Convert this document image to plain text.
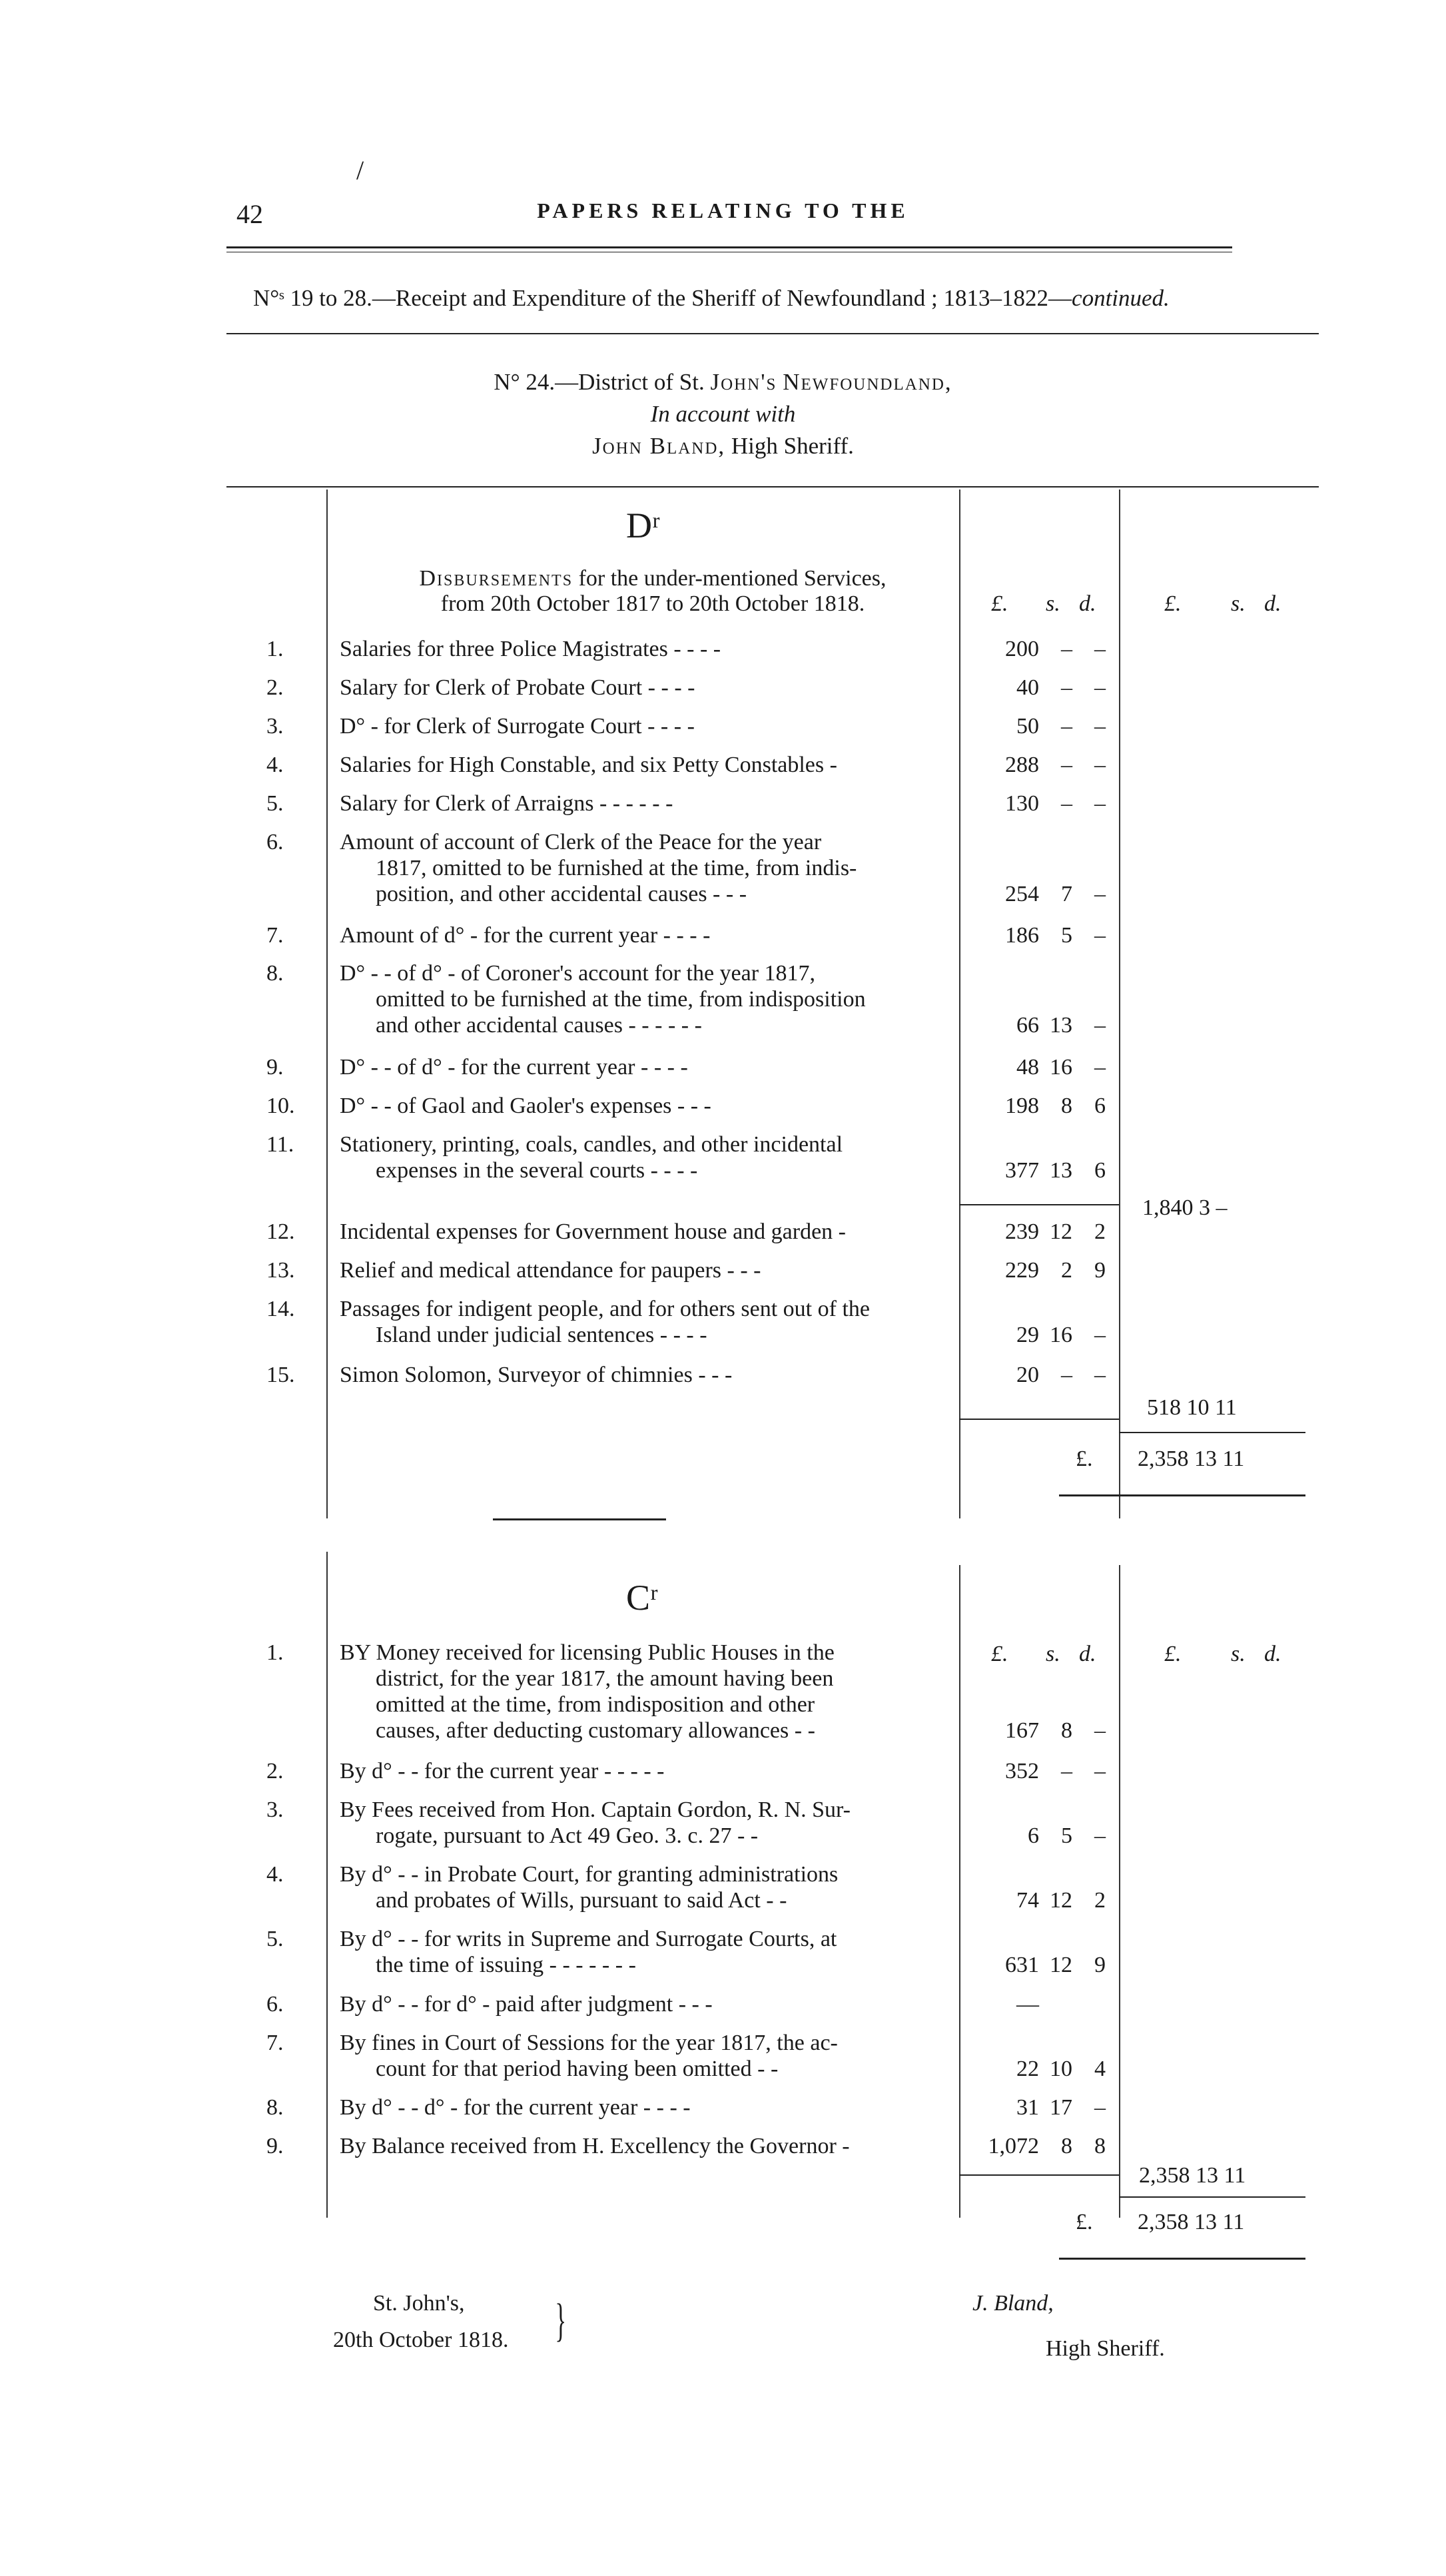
/
42	PAPERS RELATING TO THE
N°ˢ 19 to 28.—Receipt and Expenditure of the Sheriff of Newfoundland ; 1813–1822—continued.
N° 24.—District of St. John's Newfoundland,
In account with
John Bland, High Sheriff.
Dʳ
Disbursements for the under-mentioned Services,
from 20th October 1817 to 20th October 1818.	£. s. d.	£. s. d.
1.	Salaries for three Police Magistrates - - - -	200 – –
2.	Salary for Clerk of Probate Court - - - -	40 – –
3.	D° - for Clerk of Surrogate Court - - - -	50 – –
4.	Salaries for High Constable, and six Petty Constables -	288 – –
5.	Salary for Clerk of Arraigns - - - - - -	130 – –
6.	Amount of account of Clerk of the Peace for the year
1817, omitted to be furnished at the time, from indis-
position, and other accidental causes - - -	254 7 –
7.	Amount of d° - for the current year - - - -	186 5 –
8.	D° - - of d° - of Coroner's account for the year 1817,
omitted to be furnished at the time, from indisposition
and other accidental causes - - - - - -	66 13 –
9.	D° - - of d° - for the current year - - - -	48 16 –
10.	D° - - of Gaol and Gaoler's expenses - - -	198 8 6
11.	Stationery, printing, coals, candles, and other incidental
expenses in the several courts - - - -	377 13 6
12.	Incidental expenses for Government house and garden -	239 12 2
13.	Relief and medical attendance for paupers - - -	229 2 9
14.	Passages for indigent people, and for others sent out of the
Island under judicial sentences - - - -	29 16 –
15.	Simon Solomon, Surveyor of chimnies - - -	20 – –
1,840 3 –
518 10 11
£. 2,358 13 11
Cʳ
£. s. d.	£. s. d.
1.	BY Money received for licensing Public Houses in the
district, for the year 1817, the amount having been
omitted at the time, from indisposition and other
causes, after deducting customary allowances - -	167 8 –
2.	By d° - - for the current year - - - - -	352 – –
3.	By Fees received from Hon. Captain Gordon, R. N. Sur-
rogate, pursuant to Act 49 Geo. 3. c. 27 - -	6 5 –
4.	By d° - - in Probate Court, for granting administrations
and probates of Wills, pursuant to said Act - -	74 12 2
5.	By d° - - for writs in Supreme and Surrogate Courts, at
the time of issuing - - - - - - -	631 12 9
6.	By d° - - for d° - paid after judgment - - -	—
7.	By fines in Court of Sessions for the year 1817, the ac-
count for that period having been omitted - -	22 10 4
8.	By d° - - d° - for the current year - - - -	31 17 –
9.	By Balance received from H. Excellency the Governor -	1,072 8 8
2,358 13 11
£. 2,358 13 11
St. John's,
20th October 1818. }	J. Bland,
High Sheriff.
